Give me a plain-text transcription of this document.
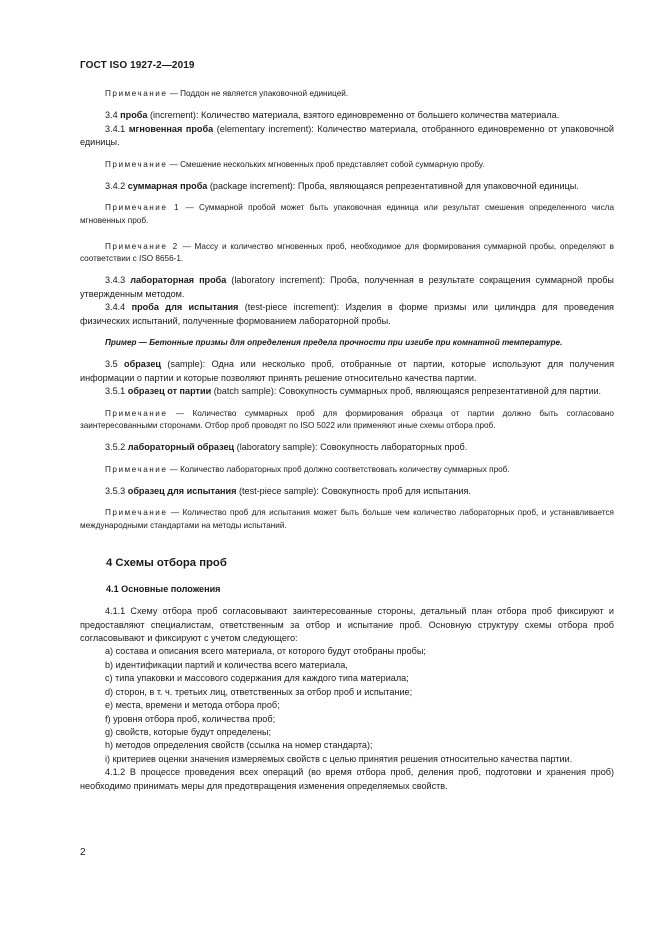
ГОСТ ISO 1927-2—2019

Примечание — Поддон не является упаковочной единицей.

3.4 проба (increment): Количество материала, взятого единовременно от большего количества материала.

3.4.1 мгновенная проба (elementary increment): Количество материала, отобранного единовременно от упаковочной единицы.

Примечание — Смешение нескольких мгновенных проб представляет собой суммарную пробу.

3.4.2 суммарная проба (package increment): Проба, являющаяся репрезентативной для упаковочной единицы.

Примечание 1 — Суммарной пробой может быть упаковочная единица или результат смешения определенного числа мгновенных проб.

Примечание 2 — Массу и количество мгновенных проб, необходимое для формирования суммарной пробы, определяют в соответствии с ISO 8656-1.

3.4.3 лабораторная проба (laboratory increment): Проба, полученная в результате сокращения суммарной пробы утвержденным методом.

3.4.4 проба для испытания (test-piece increment): Изделия в форме призмы или цилиндра для проведения физических испытаний, полученные формованием лабораторной пробы.

Пример — Бетонные призмы для определения предела прочности при изгибе при комнатной температуре.

3.5 образец (sample): Одна или несколько проб, отобранные от партии, которые используют для получения информации о партии и которые позволяют принять решение относительно качества партии.

3.5.1 образец от партии (batch sample): Совокупность суммарных проб, являющаяся репрезентативной для партии.

Примечание — Количество суммарных проб для формирования образца от партии должно быть согласовано заинтересованными сторонами. Отбор проб проводят по ISO 5022 или применяют иные схемы отбора проб.

3.5.2 лабораторный образец (laboratory sample): Совокупность лабораторных проб.

Примечание — Количество лабораторных проб должно соответствовать количеству суммарных проб.

3.5.3 образец для испытания (test-piece sample): Совокупность проб для испытания.

Примечание — Количество проб для испытания может быть больше чем количество лабораторных проб, и устанавливается международными стандартами на методы испытаний.

4 Схемы отбора проб
4.1 Основные положения

4.1.1 Схему отбора проб согласовывают заинтересованные стороны, детальный план отбора проб фиксируют и предоставляют специалистам, ответственным за отбор и испытание проб. Основную структуру схемы отбора проб согласовывают и фиксируют с учетом следующего:

a) состава и описания всего материала, от которого будут отобраны пробы;

b) идентификации партий и количества всего материала,

c) типа упаковки и массового содержания для каждого типа материала;

d) сторон, в т. ч. третьих лиц, ответственных за отбор проб и испытание;

e) места, времени и метода отбора проб;

f) уровня отбора проб, количества проб;

g) свойств, которые будут определены;

h) методов определения свойств (ссылка на номер стандарта);

i) критериев оценки значения измеряемых свойств с целью принятия решения относительно качества партии.

4.1.2 В процессе проведения всех операций (во время отбора проб, деления проб, подготовки и хранения проб) необходимо принимать меры для предотвращения изменения определяемых свойств.

2
